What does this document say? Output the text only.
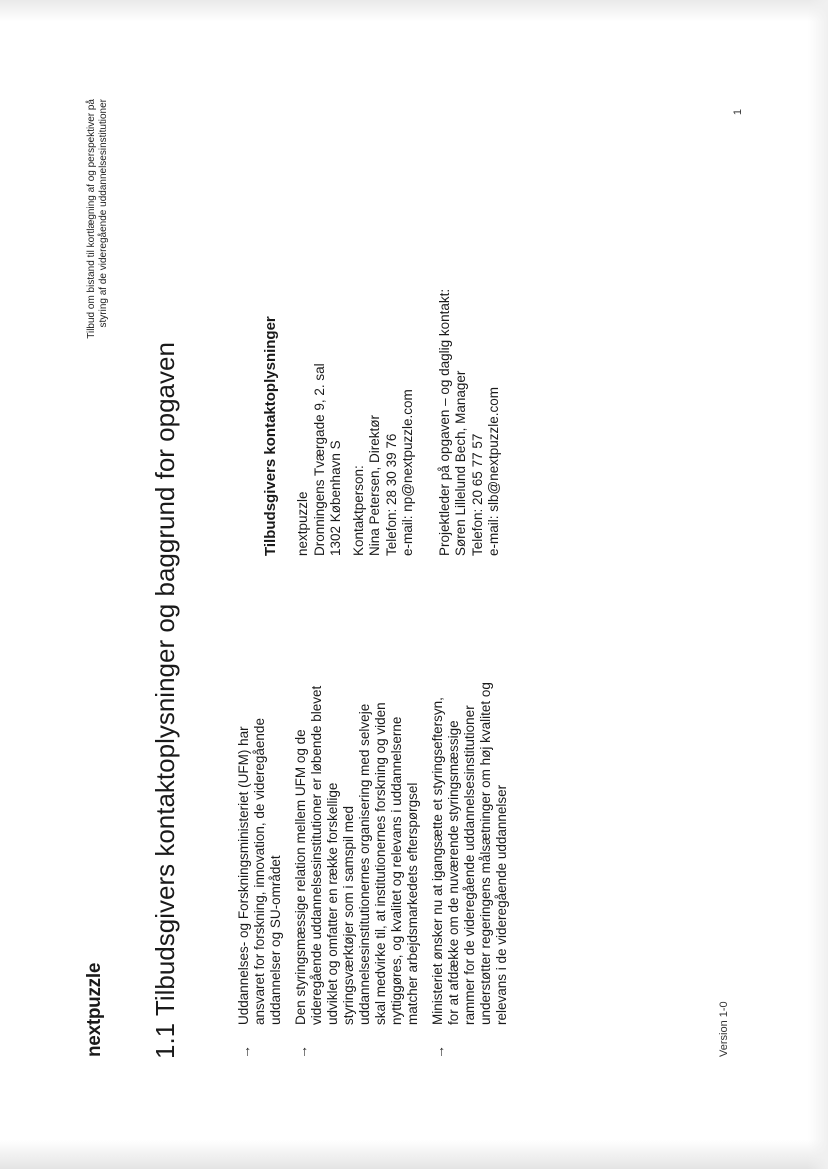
nextpuzzle
Tilbud om bistand til kortlægning af og perspektiver på styring af de videregående uddannelsesinstitutioner
1.1 Tilbudsgivers kontaktoplysninger og baggrund for opgaven	→
Uddannelses- og Forskningsministeriet (UFM) har ansvaret for forskning, innovation, de videregående uddannelser og SU-området
→
Den styringsmæssige relation mellem UFM og de videregående uddannelsesinstitutioner er løbende blevet udviklet og omfatter en række forskellige styringsværktøjer som i samspil med uddannelsesinstitutionernes organisering med selveje skal medvirke til, at institutionernes forskning og viden nyttiggøres, og kvalitet og relevans i uddannelserne matcher arbejdsmarkedets efterspørgsel
→
Ministeriet ønsker nu at igangsætte et styringseftersyn, for at afdække om de nuværende styringsmæssige rammer for de videregående uddannelsesinstitutioner understøtter regeringens målsætninger om høj kvalitet og relevans i de videregående uddannelser
Tilbudsgivers kontaktoplysninger nextpuzzle Dronningens Tværgade 9, 2. sal 1302 København S Kontaktperson: Nina Petersen, Direktør Telefon: 28 30 39 76 e-mail: np@nextpuzzle.com Projektleder på opgaven – og daglig kontakt: Søren Lillelund Bech, Manager Telefon: 20 65 77 57 e-mail: slb@nextpuzzle.com
Version 1-0
1
